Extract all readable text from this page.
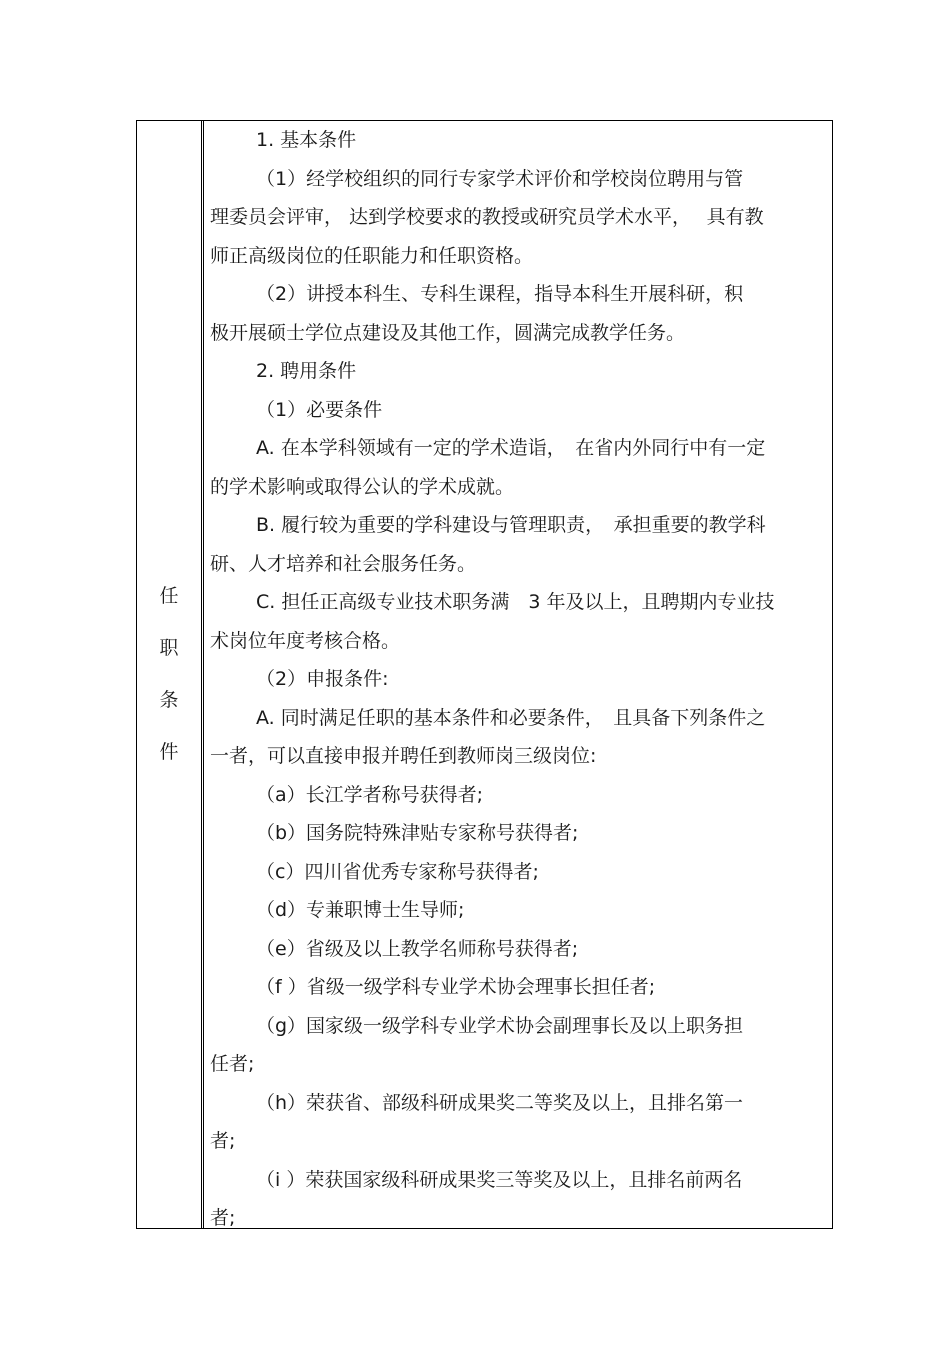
任
职
条
件

1. 基本条件

（1）经学校组织的同行专家学术评价和学校岗位聘用与管

理委员会评审， 达到学校要求的教授或研究员学术水平，　 具有教

师正高级岗位的任职能力和任职资格。

（2）讲授本科生、专科生课程，指导本科生开展科研，积

极开展硕士学位点建设及其他工作，圆满完成教学任务。

2. 聘用条件

（1）必要条件

A. 在本学科领域有一定的学术造诣，　在省内外同行中有一定

的学术影响或取得公认的学术成就。

B. 履行较为重要的学科建设与管理职责，　承担重要的教学科

研、人才培养和社会服务任务。

C. 担任正高级专业技术职务满　3 年及以上，且聘期内专业技

术岗位年度考核合格。

（2）申报条件:

A. 同时满足任职的基本条件和必要条件，　且具备下列条件之

一者，可以直接申报并聘任到教师岗三级岗位:

（a）长江学者称号获得者;

（b）国务院特殊津贴专家称号获得者;

（c）四川省优秀专家称号获得者;

（d）专兼职博士生导师;

（e）省级及以上教学名师称号获得者;

（f ）省级一级学科专业学术协会理事长担任者;

（g）国家级一级学科专业学术协会副理事长及以上职务担

任者;

（h）荣获省、部级科研成果奖二等奖及以上，且排名第一

者;

（i ）荣获国家级科研成果奖三等奖及以上，且排名前两名

者;
